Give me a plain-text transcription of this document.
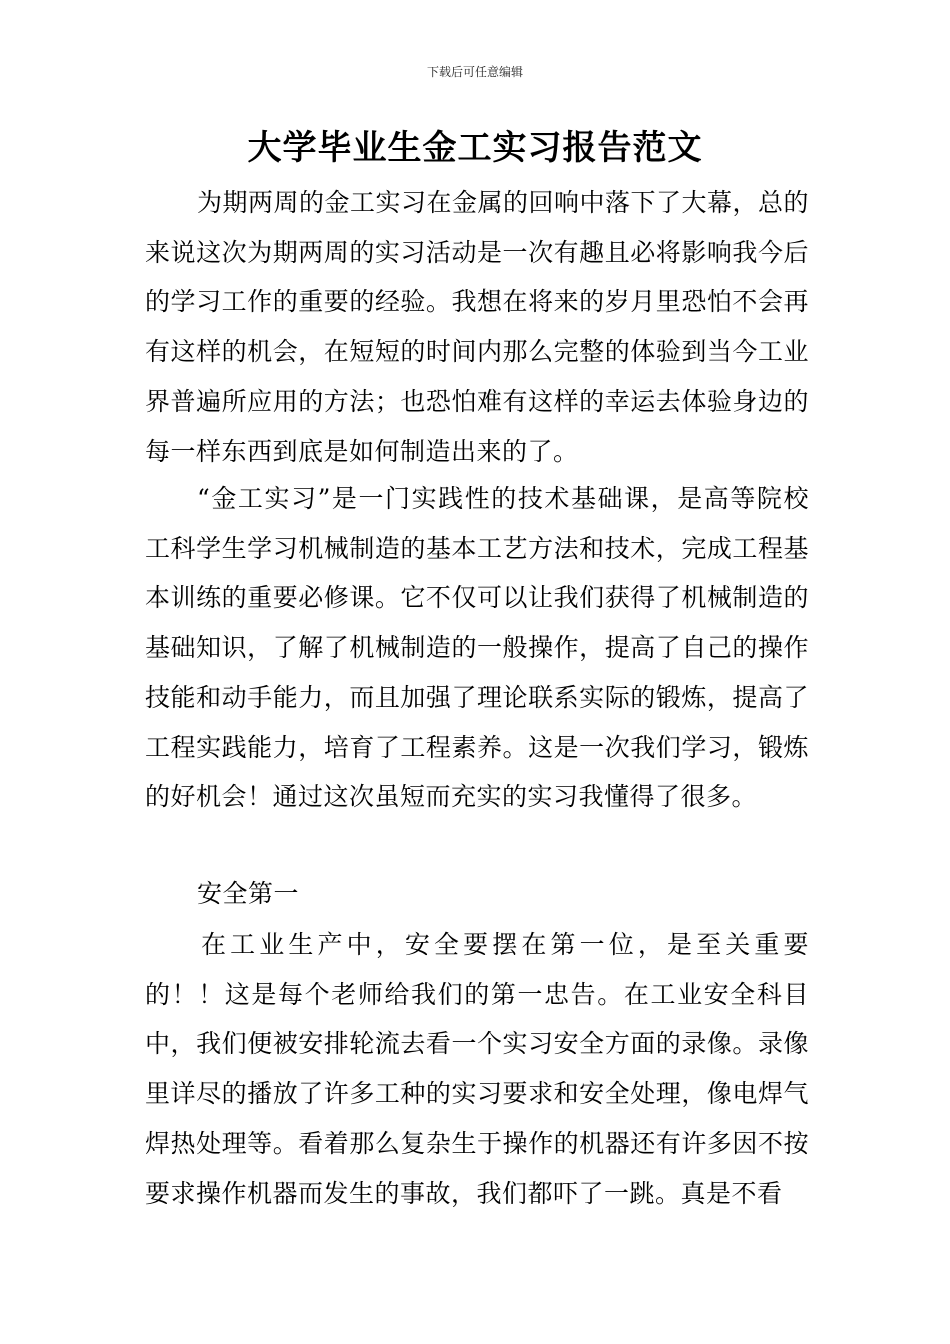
下载后可任意编辑
大学毕业生金工实习报告范文

为期两周的金工实习在金属的回响中落下了大幕，总的来说这次为期两周的实习活动是一次有趣且必将影响我今后的学习工作的重要的经验。我想在将来的岁月里恐怕不会再有这样的机会，在短短的时间内那么完整的体验到当今工业界普遍所应用的方法；也恐怕难有这样的幸运去体验身边的每一样东西到底是如何制造出来的了。

“金工实习”是一门实践性的技术基础课，是高等院校工科学生学习机械制造的基本工艺方法和技术，完成工程基本训练的重要必修课。它不仅可以让我们获得了机械制造的基础知识，了解了机械制造的一般操作，提高了自己的操作技能和动手能力，而且加强了理论联系实际的锻炼，提高了工程实践能力，培育了工程素养。这是一次我们学习，锻炼的好机会！通过这次虽短而充实的实习我懂得了很多。

安全第一

在工业生产中，安全要摆在第一位，是至关重要的！！这是每个老师给我们的第一忠告。在工业安全科目中，我们便被安排轮流去看一个实习安全方面的录像。录像里详尽的播放了许多工种的实习要求和安全处理，像电焊气焊热处理等。看着那么复杂生于操作的机器还有许多因不按要求操作机器而发生的事故，我们都吓了一跳。真是不看
